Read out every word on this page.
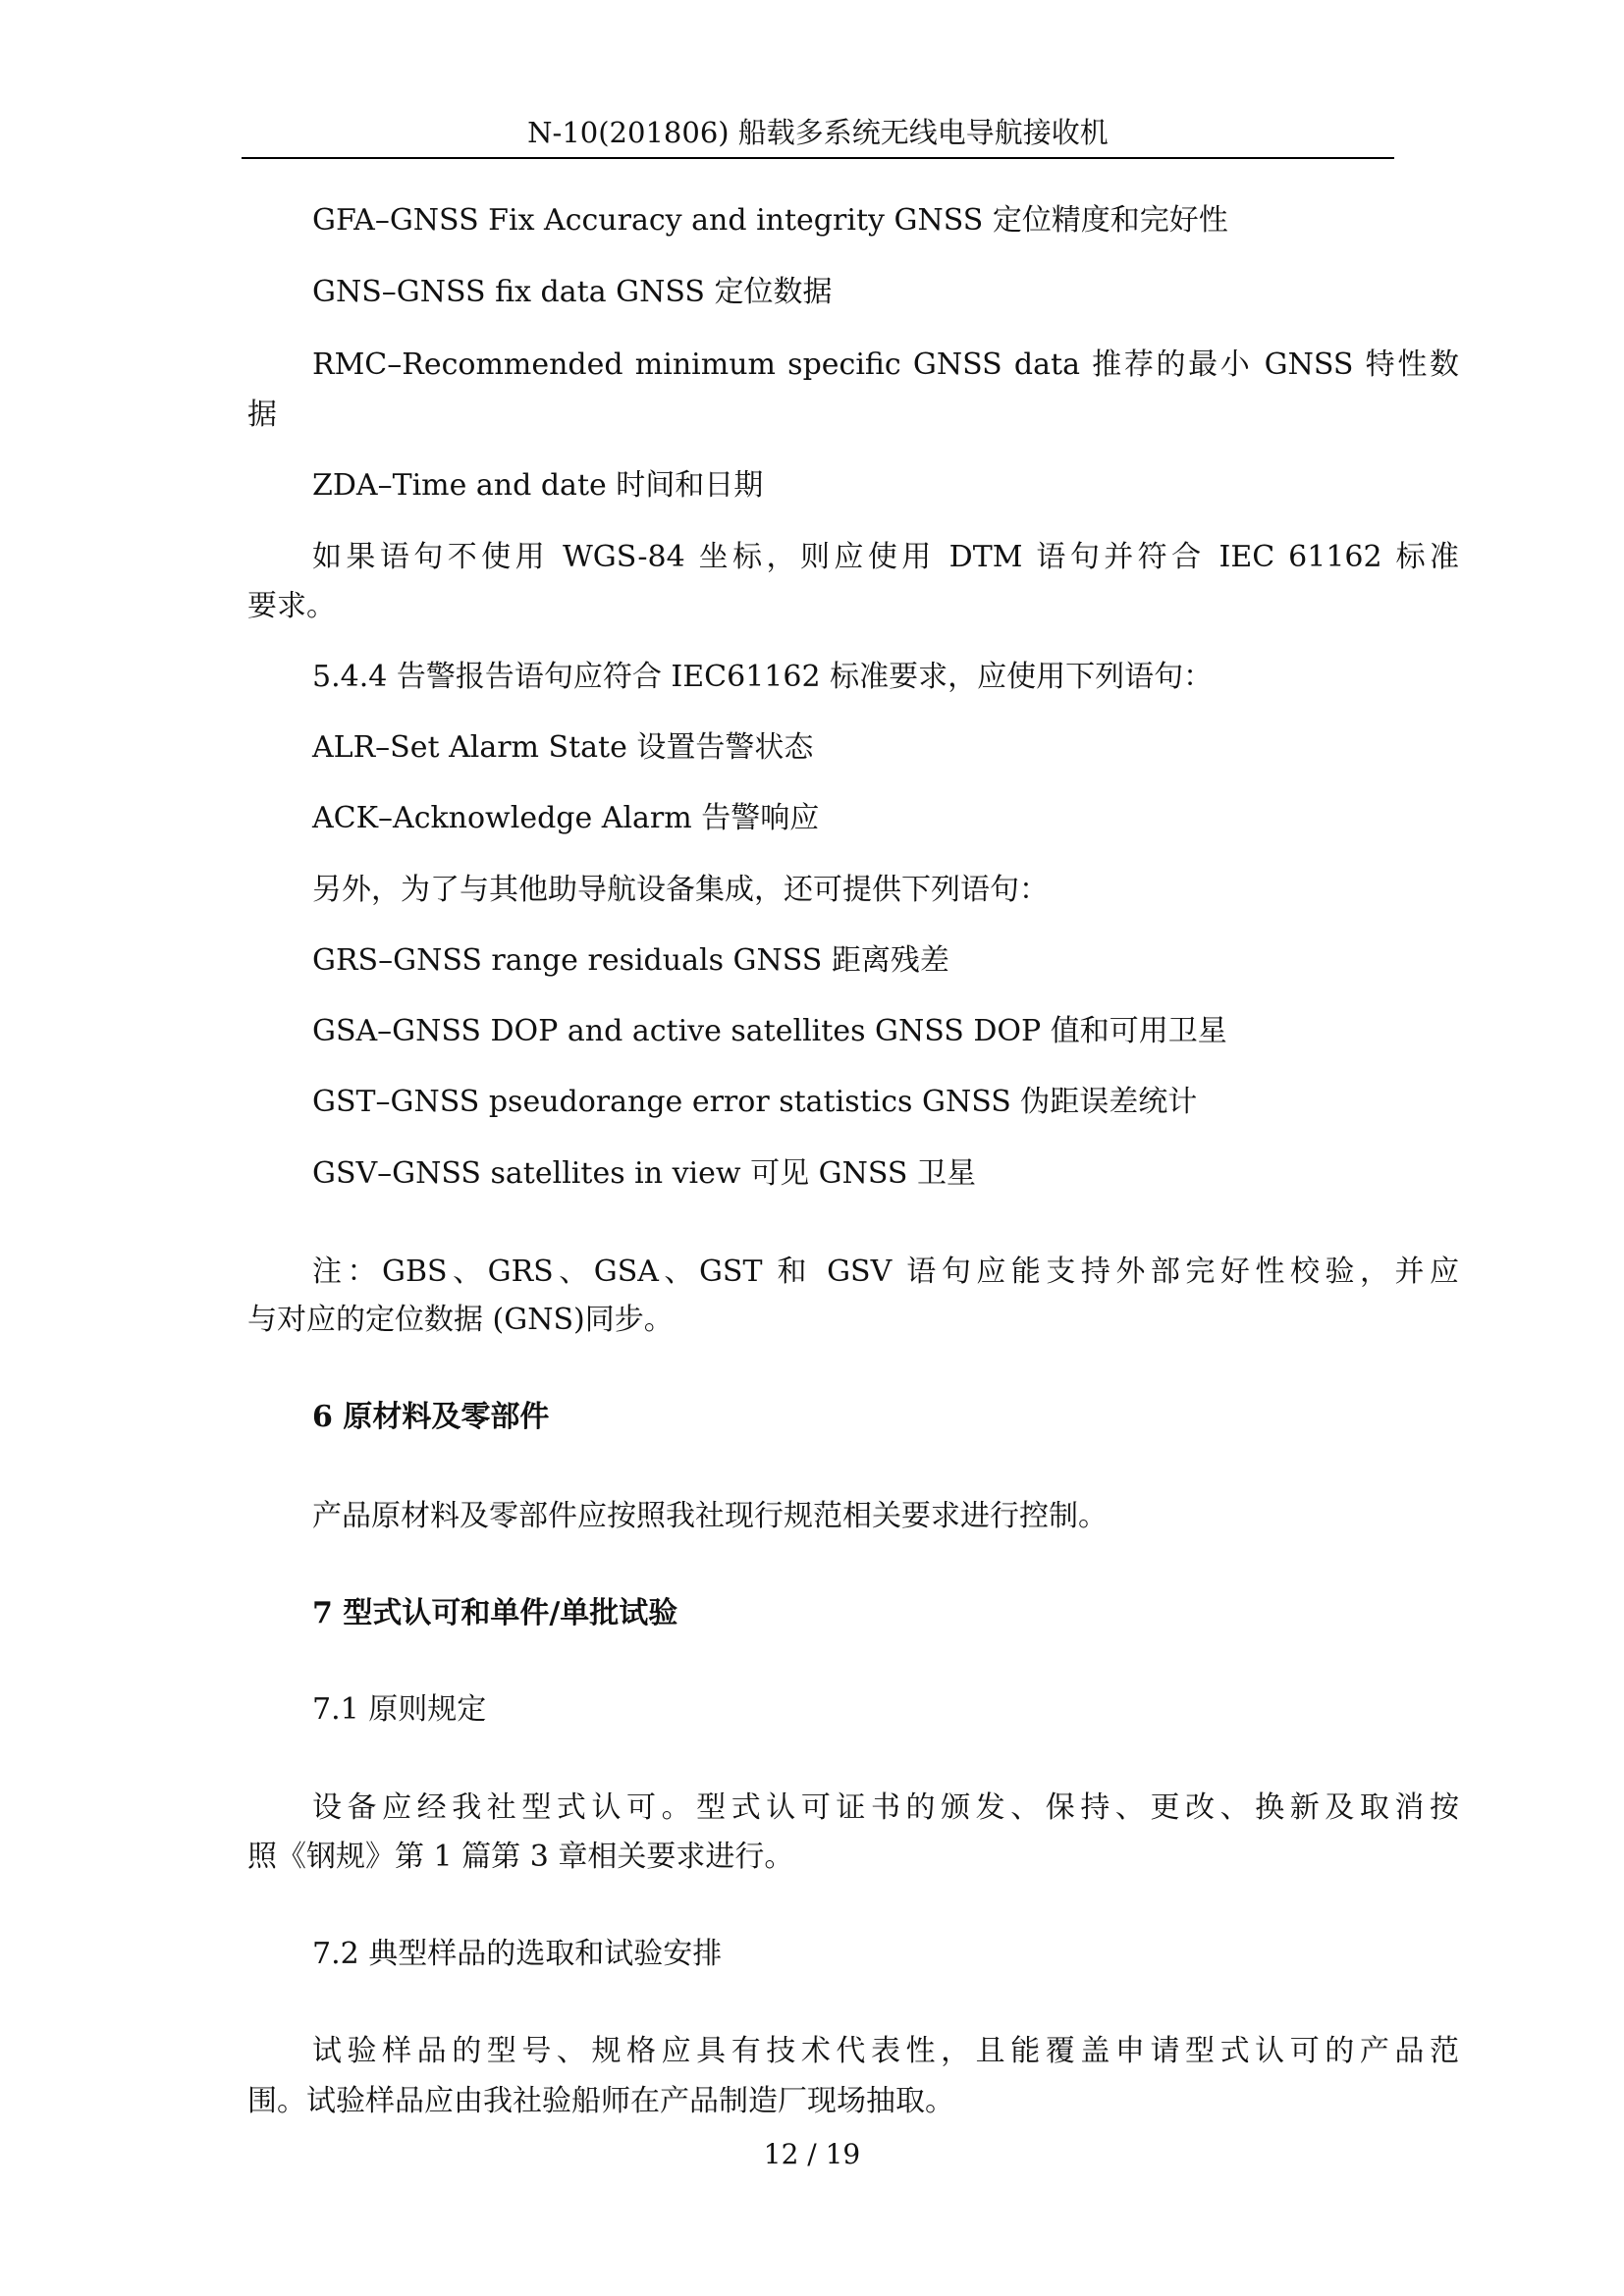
N-10(201806) 船载多系统无线电导航接收机
GFA–GNSS Fix Accuracy and integrity GNSS 定位精度和完好性
GNS–GNSS fix data GNSS 定位数据
RMC–Recommended minimum specific GNSS data 推荐的最小 GNSS 特性数
据
ZDA–Time and date 时间和日期
如果语句不使用 WGS-84 坐标，则应使用 DTM 语句并符合 IEC 61162 标准
要求。
5.4.4 告警报告语句应符合 IEC61162 标准要求，应使用下列语句：
ALR–Set Alarm State 设置告警状态
ACK–Acknowledge Alarm 告警响应
另外，为了与其他助导航设备集成，还可提供下列语句：
GRS–GNSS range residuals GNSS 距离残差
GSA–GNSS DOP and active satellites GNSS DOP 值和可用卫星
GST–GNSS pseudorange error statistics GNSS 伪距误差统计
GSV–GNSS satellites in view 可见 GNSS 卫星
注：GBS、GRS、GSA、GST 和 GSV 语句应能支持外部完好性校验，并应
与对应的定位数据 (GNS)同步。
6 原材料及零部件
产品原材料及零部件应按照我社现行规范相关要求进行控制。
7 型式认可和单件/单批试验
7.1 原则规定
设备应经我社型式认可。型式认可证书的颁发、保持、更改、换新及取消按
照《钢规》第 1 篇第 3 章相关要求进行。
7.2 典型样品的选取和试验安排
试验样品的型号、规格应具有技术代表性，且能覆盖申请型式认可的产品范
围。试验样品应由我社验船师在产品制造厂现场抽取。
12 / 19
